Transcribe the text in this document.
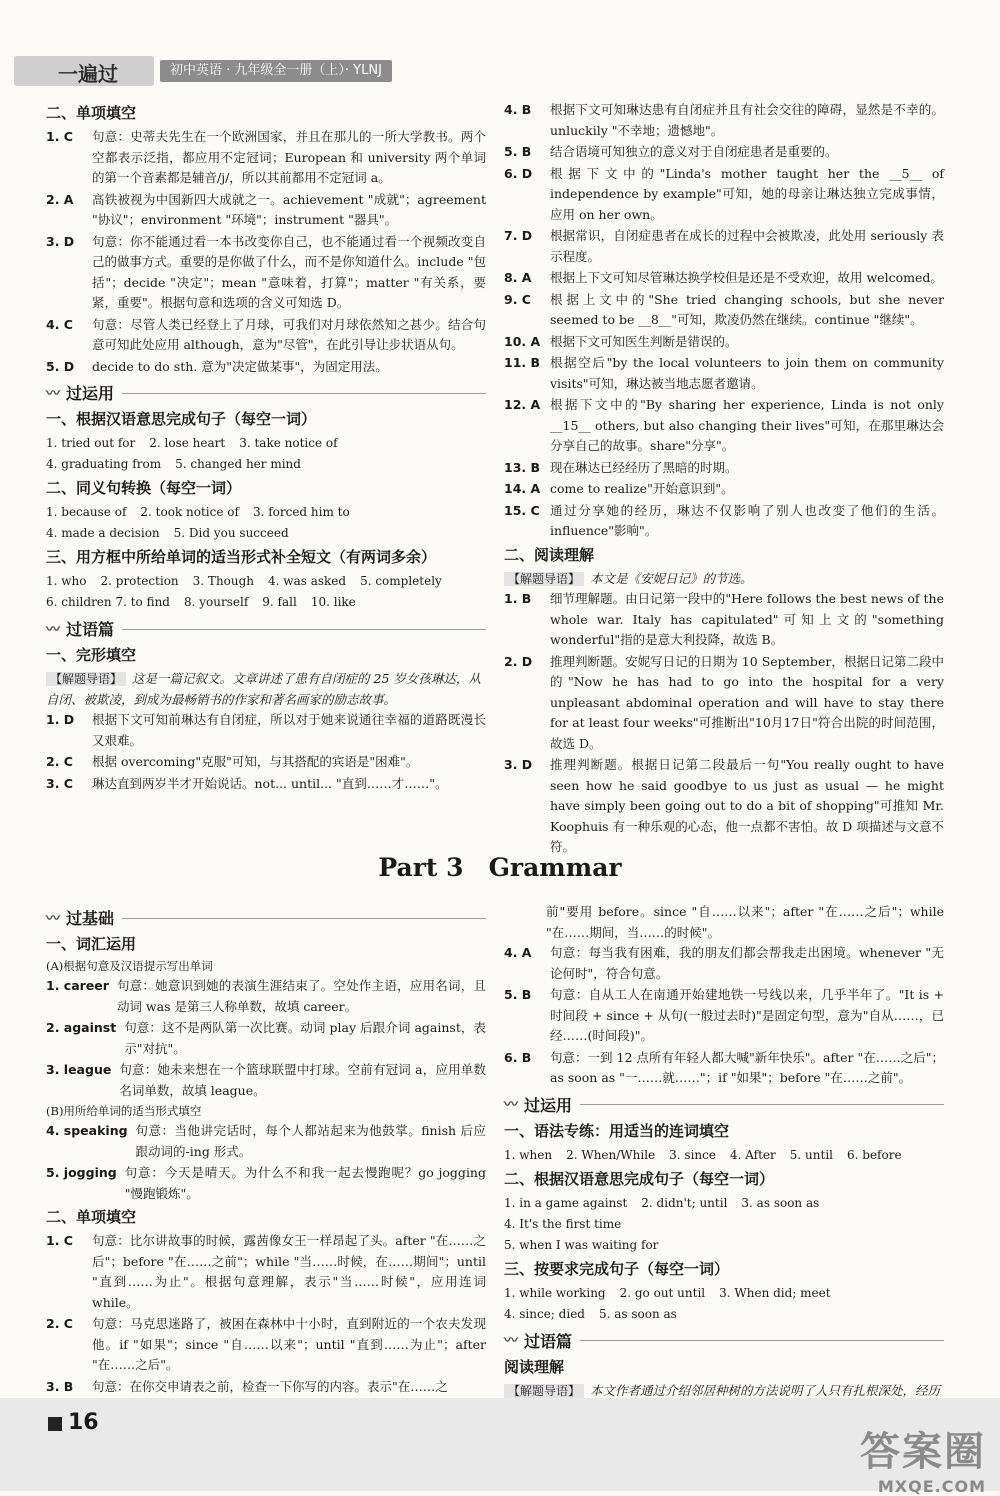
一遍过	初中英语 · 九年级全一册（上）· YLNJ
二、单项填空
1. C	句意：史蒂夫先生在一个欧洲国家，并且在那儿的一所大学教书。两个空都表示泛指，都应用不定冠词；European 和 university 两个单词的第一个音素都是辅音/j/，所以其前都用不定冠词 a。
2. A	高铁被视为中国新四大成就之一。achievement "成就"；agreement "协议"；environment "环境"；instrument "器具"。
3. D	句意：你不能通过看一本书改变你自己，也不能通过看一个视频改变自己的做事方式。重要的是你做了什么，而不是你知道什么。include "包括"；decide "决定"；mean "意味着，打算"；matter "有关系，要紧，重要"。根据句意和选项的含义可知选 D。
4. C	句意：尽管人类已经登上了月球，可我们对月球依然知之甚少。结合句意可知此处应用 although，意为"尽管"，在此引导让步状语从句。
5. D	decide to do sth. 意为"决定做某事"，为固定用法。
〰 过运用
一、根据汉语意思完成句子（每空一词）
1. tried out for 2. lose heart 3. take notice of
4. graduating from 5. changed her mind
二、同义句转换（每空一词）
1. because of 2. took notice of 3. forced him to
4. made a decision 5. Did you succeed
三、用方框中所给单词的适当形式补全短文（有两词多余）
1. who 2. protection 3. Though 4. was asked 5. completely
6. children 7. to find 8. yourself 9. fall 10. like
〰 过语篇
一、完形填空
【解题导语】 这是一篇记叙文。文章讲述了患有自闭症的 25 岁女孩琳达，从自闭、被欺凌，到成为最畅销书的作家和著名画家的励志故事。
1. D	根据下文可知前琳达有自闭症，所以对于她来说通往幸福的道路既漫长又艰难。
2. C	根据 overcoming"克服"可知，与其搭配的宾语是"困难"。
3. C	琳达直到两岁半才开始说话。not... until... "直到……才……"。
4. B	根据下文可知琳达患有自闭症并且有社会交往的障碍，显然是不幸的。unluckily "不幸地；遗憾地"。
5. B	结合语境可知独立的意义对于自闭症患者是重要的。
6. D	根据下文中的"Linda's mother taught her the __5__ of independence by example"可知，她的母亲让琳达独立完成事情，应用 on her own。
7. D	根据常识，自闭症患者在成长的过程中会被欺凌，此处用 seriously 表示程度。
8. A	根据上下文可知尽管琳达换学校但是还是不受欢迎，故用 welcomed。
9. C	根据上文中的"She tried changing schools, but she never seemed to be __8__"可知，欺凌仍然在继续。continue "继续"。
10. A 根据下文可知医生判断是错误的。
11. B 根据空后"by the local volunteers to join them on community visits"可知，琳达被当地志愿者邀请。
12. A 根据下文中的"By sharing her experience, Linda is not only __15__ others, but also changing their lives"可知，在那里琳达会分享自己的故事。share"分享"。
13. B 现在琳达已经经历了黑暗的时期。
14. A come to realize"开始意识到"。
15. C 通过分享她的经历，琳达不仅影响了别人也改变了他们的生活。influence"影响"。
二、阅读理解
【解题导语】 本文是《安妮日记》的节选。
1. B	细节理解题。由日记第一段中的"Here follows the best news of the whole war. Italy has capitulated"可知上文的"something wonderful"指的是意大利投降，故选 B。
2. D	推理判断题。安妮写日记的日期为 10 September，根据日记第二段中的"Now he has had to go into the hospital for a very unpleasant abdominal operation and will have to stay there for at least four weeks"可推断出"10月17日"符合出院的时间范围，故选 D。
3. D	推理判断题。根据日记第二段最后一句"You really ought to have seen how he said goodbye to us just as usual — he might have simply been going out to do a bit of shopping"可推知 Mr. Koophuis 有一种乐观的心态，他一点都不害怕。故 D 项描述与文意不符。
Part 3　Grammar
〰 过基础
一、词汇运用
(A)根据句意及汉语提示写出单词
1. career 句意：她意识到她的表演生涯结束了。空处作主语，应用名词，且动词 was 是第三人称单数，故填 career。
2. against 句意：这不是两队第一次比赛。动词 play 后跟介词 against，表示"对抗"。
3. league 句意：她未来想在一个篮球联盟中打球。空前有冠词 a，应用单数名词单数，故填 league。
(B)用所给单词的适当形式填空
4. speaking 句意：当他讲完话时，每个人都站起来为他鼓掌。finish 后应跟动词的-ing 形式。
5. jogging 句意：今天是晴天。为什么不和我一起去慢跑呢？go jogging "慢跑锻炼"。
二、单项填空
1. C	句意：比尔讲故事的时候，露茜像女王一样昂起了头。after "在……之后"；before "在……之前"；while "当……时候，在……期间"；until "直到……为止"。根据句意理解，表示"当……时候"，应用连词 while。
2. C	句意：马克思迷路了，被困在森林中十小时，直到附近的一个农夫发现他。if "如果"；since "自……以来"；until "直到……为止"；after "在……之后"。
3. B	句意：在你交申请表之前，检查一下你写的内容。表示"在……之
前"要用 before。since "自……以来"；after "在……之后"；while "在……期间，当……的时候"。
4. A	句意：每当我有困难，我的朋友们都会帮我走出困境。whenever "无论何时"，符合句意。
5. B	句意：自从工人在南通开始建地铁一号线以来，几乎半年了。"It is + 时间段 + since + 从句(一般过去时)"是固定句型，意为"自从……，已经……(时间段)"。
6. B	句意：一到 12 点所有年轻人都大喊"新年快乐"。after "在……之后"；as soon as "一……就……"；if "如果"；before "在……之前"。
〰 过运用
一、语法专练：用适当的连词填空
1. when 2. When/While 3. since 4. After 5. until 6. before
二、根据汉语意思完成句子（每空一词）
1. in a game against 2. didn't; until 3. as soon as
4. It's the first time
5. when I was waiting for
三、按要求完成句子（每空一词）
1. while working 2. go out until 3. When did; meet
4. since; died 5. as soon as
〰 过语篇
阅读理解
【解题导语】 本文作者通过介绍邻居种树的方法说明了人只有扎根深处，经历
16
答案圈
MXQE.COM
